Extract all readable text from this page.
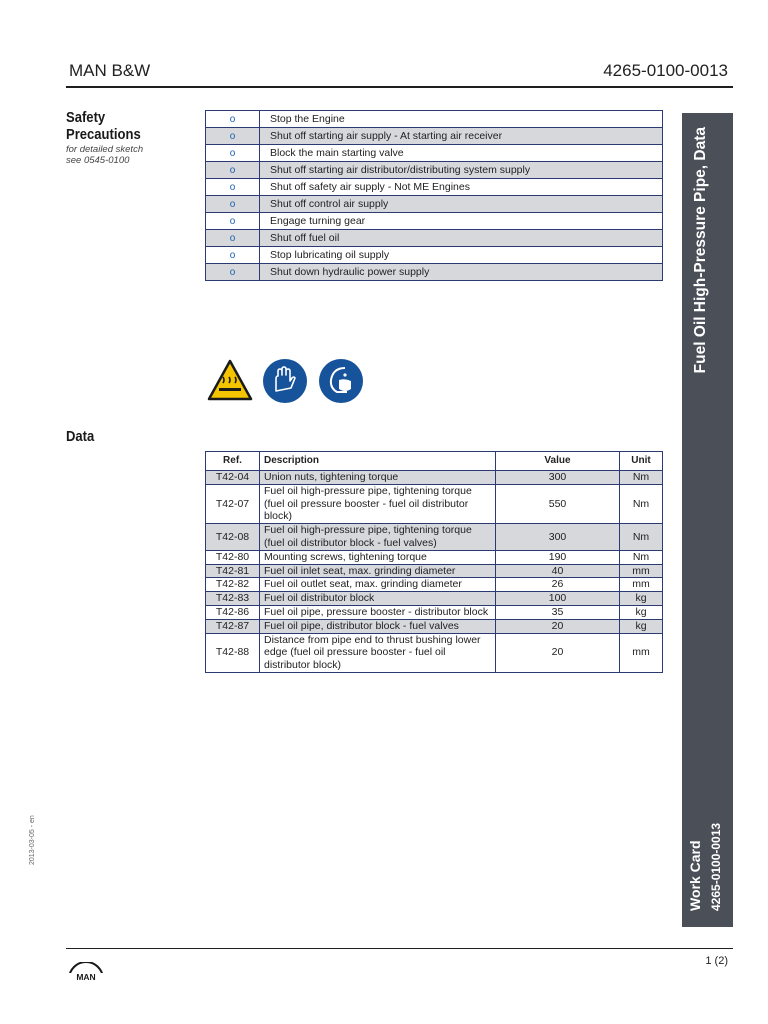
MAN B&W	4265-0100-0013
Safety Precautions
for detailed sketch
see 0545-0100
o	Stop the Engine
o	Shut off starting air supply - At starting air receiver
o	Block the main starting valve
o	Shut off starting air distributor/distributing system supply
o	Shut off safety air supply - Not ME Engines
o	Shut off control air supply
o	Engage turning gear
o	Shut off fuel oil
o	Stop lubricating oil supply
o	Shut down hydraulic power supply
Data
Ref.	Description	Value	Unit
T42-04	Union nuts, tightening torque	300	Nm
T42-07	Fuel oil high-pressure pipe, tightening torque (fuel oil pressure booster - fuel oil distributor block)	550	Nm
T42-08	Fuel oil high-pressure pipe, tightening torque (fuel oil distributor block - fuel valves)	300	Nm
T42-80	Mounting screws, tightening torque	190	Nm
T42-81	Fuel oil inlet seat, max. grinding diameter	40	mm
T42-82	Fuel oil outlet seat, max. grinding diameter	26	mm
T42-83	Fuel oil distributor block	100	kg
T42-86	Fuel oil pipe, pressure booster - distributor block	35	kg
T42-87	Fuel oil pipe, distributor block - fuel valves	20	kg
T42-88	Distance from pipe end to thrust bushing lower edge (fuel oil pressure booster - fuel oil distributor block)	20	mm
Fuel Oil High-Pressure Pipe, Data
Work Card 4265-0100-0013
2013-03-05 - en
1 (2)
MAN
